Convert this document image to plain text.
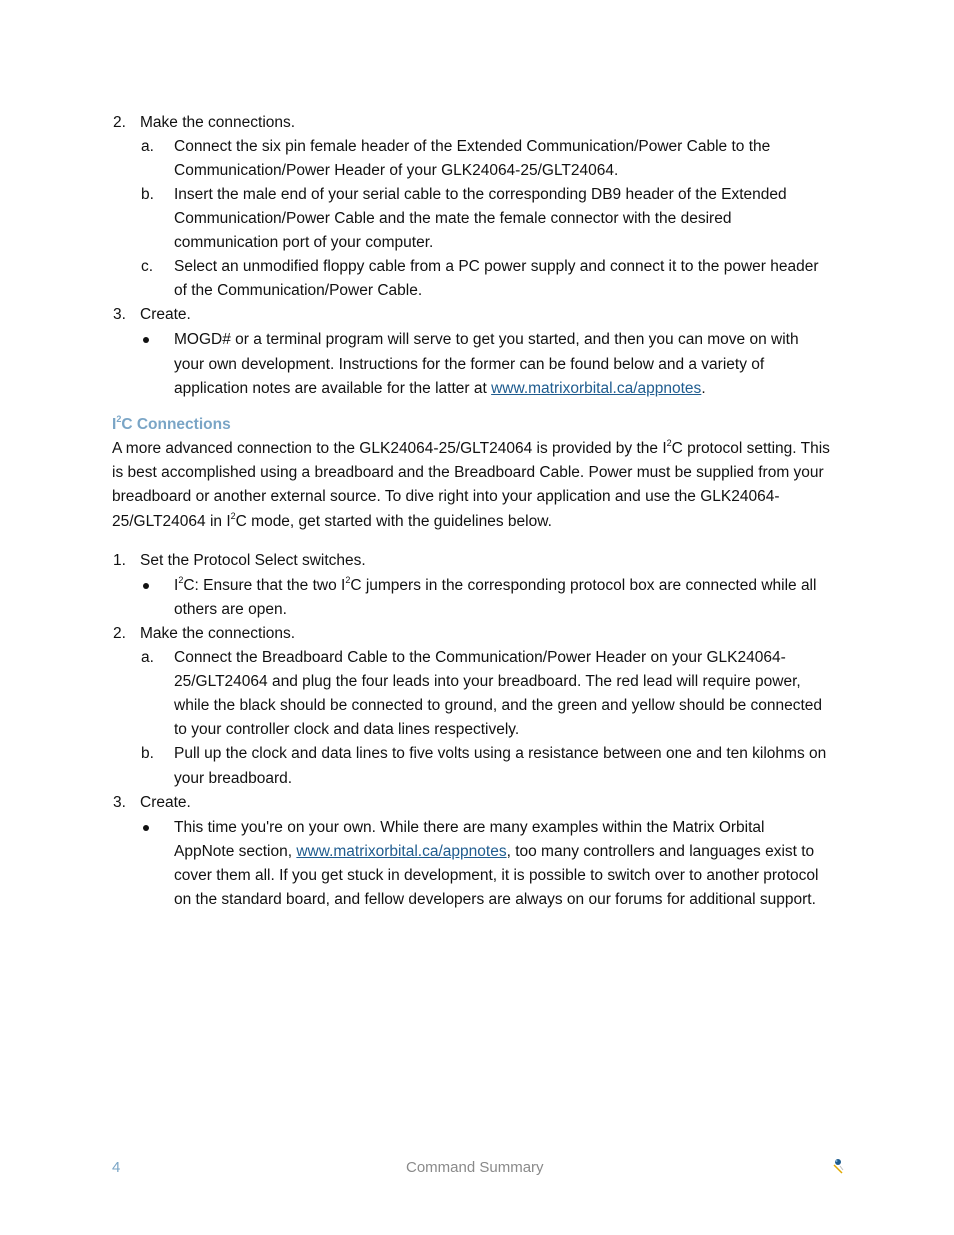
2. Make the connections.
a. Connect the six pin female header of the Extended Communication/Power Cable to the
Communication/Power Header of your GLK24064-25/GLT24064.
b. Insert the male end of your serial cable to the corresponding DB9 header of the Extended
Communication/Power Cable and the mate the female connector with the desired
communication port of your computer.
c. Select an unmodified floppy cable from a PC power supply and connect it to the power header
of the Communication/Power Cable.
3. Create.
MOGD# or a terminal program will serve to get you started, and then you can move on with
your own development. Instructions for the former can be found below and a variety of
application notes are available for the latter at www.matrixorbital.ca/appnotes.
$I^2C$ Connections
A more advanced connection to the GLK24064-25/GLT24064 is provided by the $I^2C$ protocol setting. This
is best accomplished using a breadboard and the Breadboard Cable. Power must be supplied from your
breadboard or another external source. To dive right into your application and use the GLK24064-
25/GLT24064 in $I^2C$ mode, get started with the guidelines below.
1. Set the Protocol Select switches.
$I^2C$: Ensure that the two $I^2C$ jumpers in the corresponding protocol box are connected while all
others are open.
2. Make the connections.
a. Connect the Breadboard Cable to the Communication/Power Header on your GLK24064-
25/GLT24064 and plug the four leads into your breadboard. The red lead will require power,
while the black should be connected to ground, and the green and yellow should be connected
to your controller clock and data lines respectively.
b. Pull up the clock and data lines to five volts using a resistance between one and ten kilohms on
your breadboard.
3. Create.
This time you're on your own. While there are many examples within the Matrix Orbital
AppNote section, www.matrixorbital.ca/appnotes, too many controllers and languages exist to
cover them all. If you get stuck in development, it is possible to switch over to another protocol
on the standard board, and fellow developers are always on our forums for additional support.
4	Command Summary
